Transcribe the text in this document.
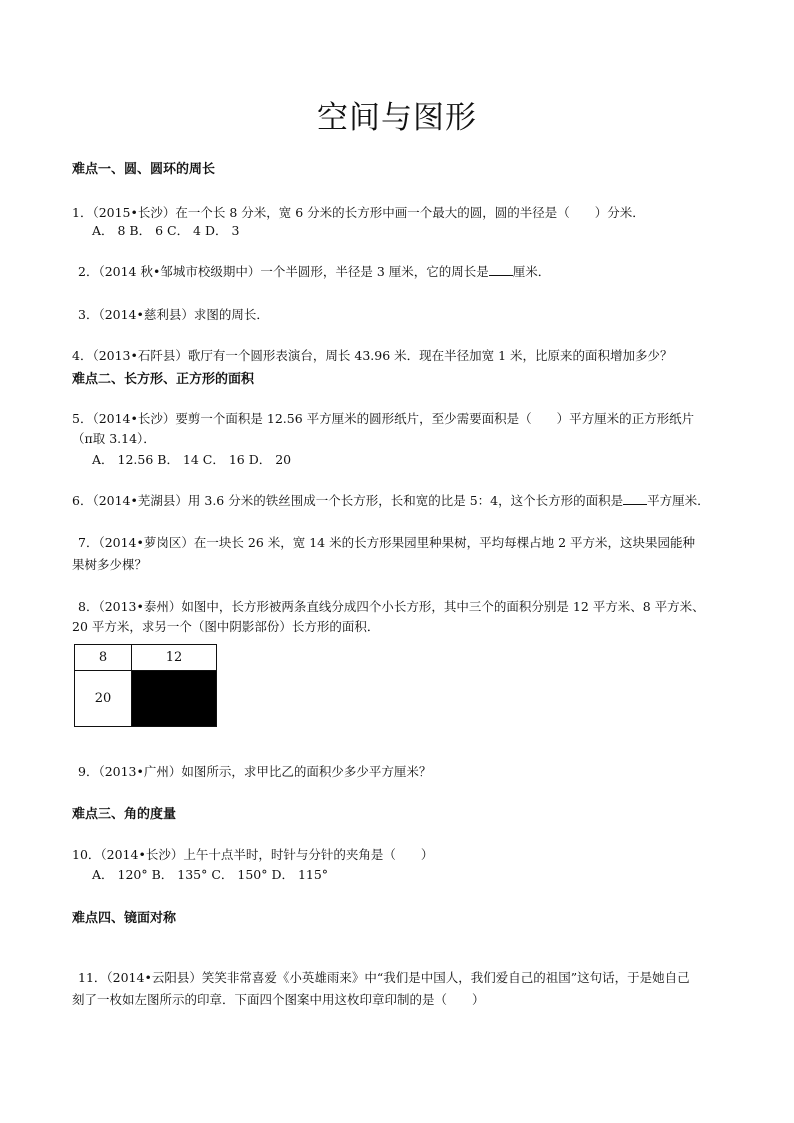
空间与图形
难点一、圆、圆环的周长
1．（2015•长沙）在一个长 8 分米，宽 6 分米的长方形中画一个最大的圆，圆的半径是（　　）分米．
A． 8 B． 6 C． 4 D． 3
2．（2014 秋•邹城市校级期中）一个半圆形，半径是 3 厘米，它的周长是 厘米．
3．（2014•慈利县）求图的周长．
4．（2013•石阡县）歌厅有一个圆形表演台，周长 43.96 米．现在半径加宽 1 米，比原来的面积增加多少？
难点二、长方形、正方形的面积
5．（2014•长沙）要剪一个面积是 12.56 平方厘米的圆形纸片，至少需要面积是（　　）平方厘米的正方形纸片
（π取 3.14）．
A． 12.56 B． 14 C． 16 D． 20
6．（2014•芜湖县）用 3.6 分米的铁丝围成一个长方形，长和宽的比是 5：4，这个长方形的面积是 平方厘米．
7．（2014•萝岗区）在一块长 26 米，宽 14 米的长方形果园里种果树，平均每棵占地 2 平方米，这块果园能种
果树多少棵？
8．（2013•泰州）如图中，长方形被两条直线分成四个小长方形，其中三个的面积分别是 12 平方米、8 平方米、
20 平方米，求另一个（图中阴影部份）长方形的面积．
8	12
20	
9．（2013•广州）如图所示，求甲比乙的面积少多少平方厘米？
难点三、角的度量
10．（2014•长沙）上午十点半时，时针与分针的夹角是（　　）
A． 120° B． 135° C． 150° D． 115°
难点四、镜面对称
11．（2014•云阳县）笑笑非常喜爱《小英雄雨来》中“我们是中国人，我们爱自己的祖国”这句话，于是她自己
刻了一枚如左图所示的印章．下面四个图案中用这枚印章印制的是（　　）
